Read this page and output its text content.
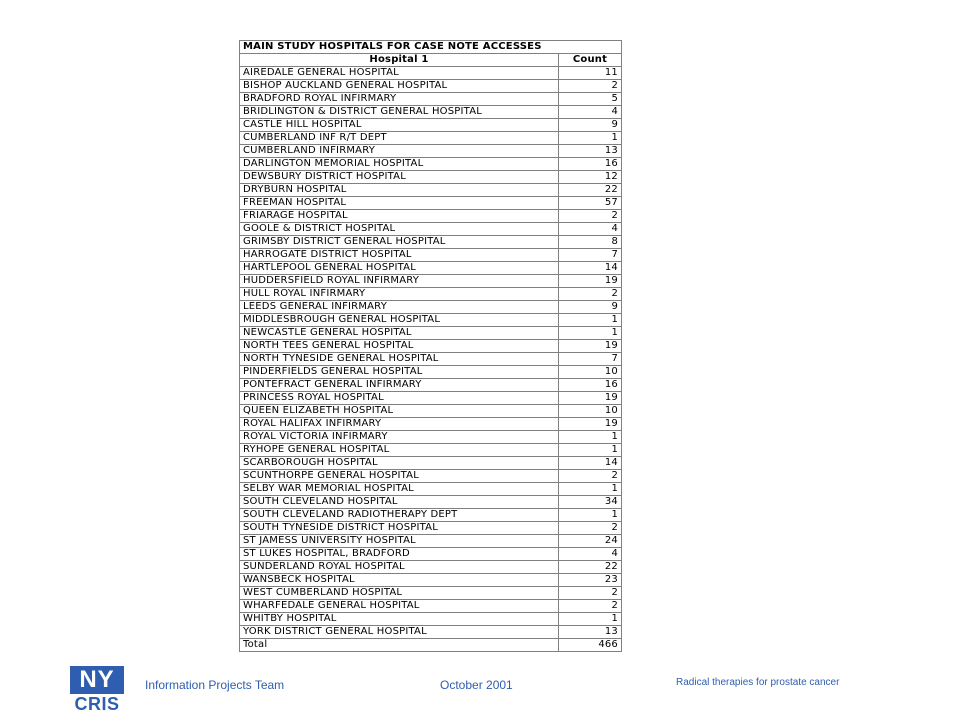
MAIN STUDY HOSPITALS FOR CASE NOTE ACCESSES	
Hospital 1	Count
AIREDALE GENERAL HOSPITAL	11
BISHOP AUCKLAND GENERAL HOSPITAL	2
BRADFORD ROYAL INFIRMARY	5
BRIDLINGTON & DISTRICT GENERAL HOSPITAL	4
CASTLE HILL HOSPITAL	9
CUMBERLAND INF R/T DEPT	1
CUMBERLAND INFIRMARY	13
DARLINGTON MEMORIAL HOSPITAL	16
DEWSBURY DISTRICT HOSPITAL	12
DRYBURN HOSPITAL	22
FREEMAN HOSPITAL	57
FRIARAGE HOSPITAL	2
GOOLE & DISTRICT HOSPITAL	4
GRIMSBY DISTRICT GENERAL HOSPITAL	8
HARROGATE DISTRICT HOSPITAL	7
HARTLEPOOL GENERAL HOSPITAL	14
HUDDERSFIELD ROYAL INFIRMARY	19
HULL ROYAL INFIRMARY	2
LEEDS GENERAL INFIRMARY	9
MIDDLESBROUGH GENERAL HOSPITAL	1
NEWCASTLE GENERAL HOSPITAL	1
NORTH TEES GENERAL HOSPITAL	19
NORTH TYNESIDE GENERAL HOSPITAL	7
PINDERFIELDS GENERAL HOSPITAL	10
PONTEFRACT GENERAL INFIRMARY	16
PRINCESS ROYAL HOSPITAL	19
QUEEN ELIZABETH HOSPITAL	10
ROYAL HALIFAX INFIRMARY	19
ROYAL VICTORIA INFIRMARY	1
RYHOPE GENERAL HOSPITAL	1
SCARBOROUGH HOSPITAL	14
SCUNTHORPE GENERAL HOSPITAL	2
SELBY WAR MEMORIAL HOSPITAL	1
SOUTH CLEVELAND HOSPITAL	34
SOUTH CLEVELAND RADIOTHERAPY DEPT	1
SOUTH TYNESIDE DISTRICT HOSPITAL	2
ST JAMESS UNIVERSITY HOSPITAL	24
ST LUKES HOSPITAL, BRADFORD	4
SUNDERLAND ROYAL HOSPITAL	22
WANSBECK HOSPITAL	23
WEST CUMBERLAND HOSPITAL	2
WHARFEDALE GENERAL HOSPITAL	2
WHITBY HOSPITAL	1
YORK DISTRICT GENERAL HOSPITAL	13
Total	466
NY
CRIS
Information Projects Team	October 2001	Radical therapies for prostate cancer
